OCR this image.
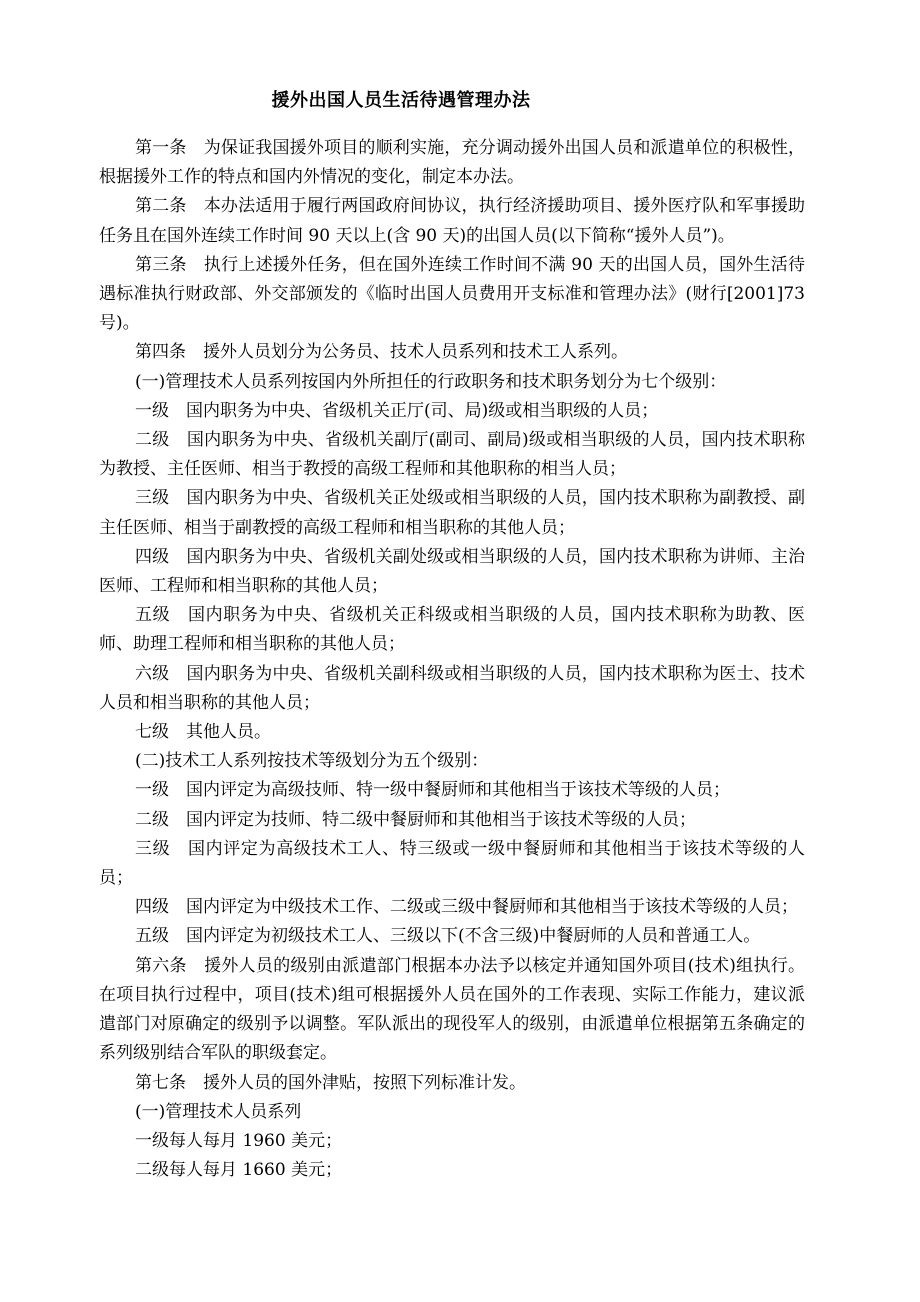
援外出国人员生活待遇管理办法

第一条　为保证我国援外项目的顺利实施，充分调动援外出国人员和派遣单位的积极性，根据援外工作的特点和国内外情况的变化，制定本办法。

第二条　本办法适用于履行两国政府间协议，执行经济援助项目、援外医疗队和军事援助任务且在国外连续工作时间 90 天以上(含 90 天)的出国人员(以下简称“援外人员”)。

第三条　执行上述援外任务，但在国外连续工作时间不满 90 天的出国人员，国外生活待遇标准执行财政部、外交部颁发的《临时出国人员费用开支标准和管理办法》(财行[2001]73 号)。

第四条　援外人员划分为公务员、技术人员系列和技术工人系列。

(一)管理技术人员系列按国内外所担任的行政职务和技术职务划分为七个级别：

一级　国内职务为中央、省级机关正厅(司、局)级或相当职级的人员；

二级　国内职务为中央、省级机关副厅(副司、副局)级或相当职级的人员，国内技术职称为教授、主任医师、相当于教授的高级工程师和其他职称的相当人员；

三级　国内职务为中央、省级机关正处级或相当职级的人员，国内技术职称为副教授、副主任医师、相当于副教授的高级工程师和相当职称的其他人员；

四级　国内职务为中央、省级机关副处级或相当职级的人员，国内技术职称为讲师、主治医师、工程师和相当职称的其他人员；

五级　国内职务为中央、省级机关正科级或相当职级的人员，国内技术职称为助教、医师、助理工程师和相当职称的其他人员；

六级　国内职务为中央、省级机关副科级或相当职级的人员，国内技术职称为医士、技术人员和相当职称的其他人员；

七级　其他人员。

(二)技术工人系列按技术等级划分为五个级别：

一级　国内评定为高级技师、特一级中餐厨师和其他相当于该技术等级的人员；

二级　国内评定为技师、特二级中餐厨师和其他相当于该技术等级的人员；

三级　国内评定为高级技术工人、特三级或一级中餐厨师和其他相当于该技术等级的人员；

四级　国内评定为中级技术工作、二级或三级中餐厨师和其他相当于该技术等级的人员；

五级　国内评定为初级技术工人、三级以下(不含三级)中餐厨师的人员和普通工人。

第六条　援外人员的级别由派遣部门根据本办法予以核定并通知国外项目(技术)组执行。在项目执行过程中，项目(技术)组可根据援外人员在国外的工作表现、实际工作能力，建议派遣部门对原确定的级别予以调整。军队派出的现役军人的级别，由派遣单位根据第五条确定的系列级别结合军队的职级套定。

第七条　援外人员的国外津贴，按照下列标准计发。

(一)管理技术人员系列

一级每人每月 1960 美元；

二级每人每月 1660 美元；
